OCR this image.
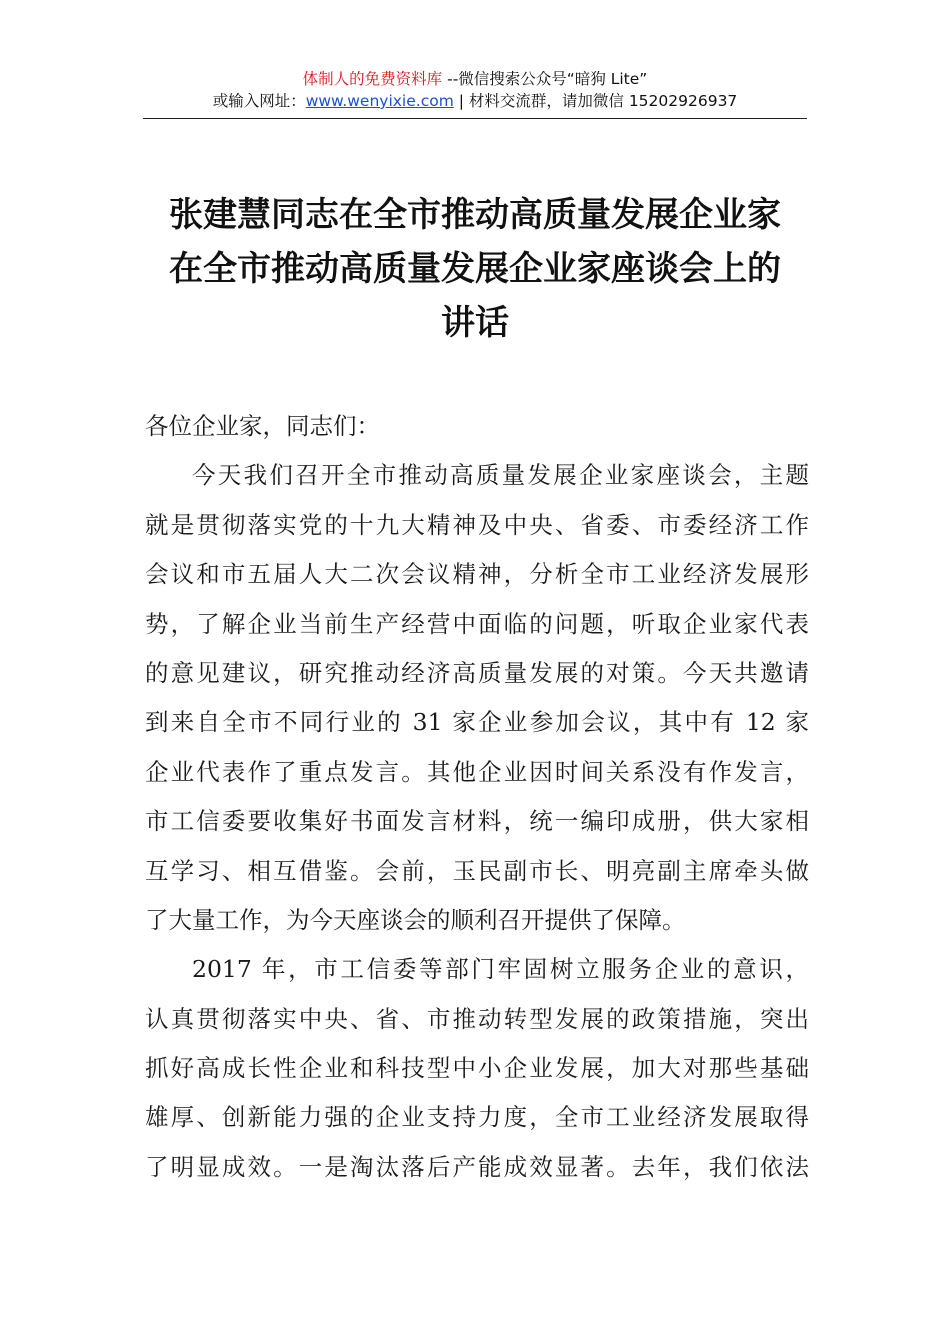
体制人的免费资料库 --微信搜索公众号“暗狗 Lite”
或输入网址：www.wenyixie.com | 材料交流群，请加微信 15202926937
张建慧同志在全市推动高质量发展企业家
在全市推动高质量发展企业家座谈会上的
讲话
各位企业家，同志们：
今天我们召开全市推动高质量发展企业家座谈会，主题
就是贯彻落实党的十九大精神及中央、省委、市委经济工作
会议和市五届人大二次会议精神，分析全市工业经济发展形
势，了解企业当前生产经营中面临的问题，听取企业家代表
的意见建议，研究推动经济高质量发展的对策。今天共邀请
到来自全市不同行业的 31 家企业参加会议，其中有 12 家
企业代表作了重点发言。其他企业因时间关系没有作发言，
市工信委要收集好书面发言材料，统一编印成册，供大家相
互学习、相互借鉴。会前，玉民副市长、明亮副主席牵头做
了大量工作，为今天座谈会的顺利召开提供了保障。
2017 年，市工信委等部门牢固树立服务企业的意识，
认真贯彻落实中央、省、市推动转型发展的政策措施，突出
抓好高成长性企业和科技型中小企业发展，加大对那些基础
雄厚、创新能力强的企业支持力度，全市工业经济发展取得
了明显成效。一是淘汰落后产能成效显著。去年，我们依法
